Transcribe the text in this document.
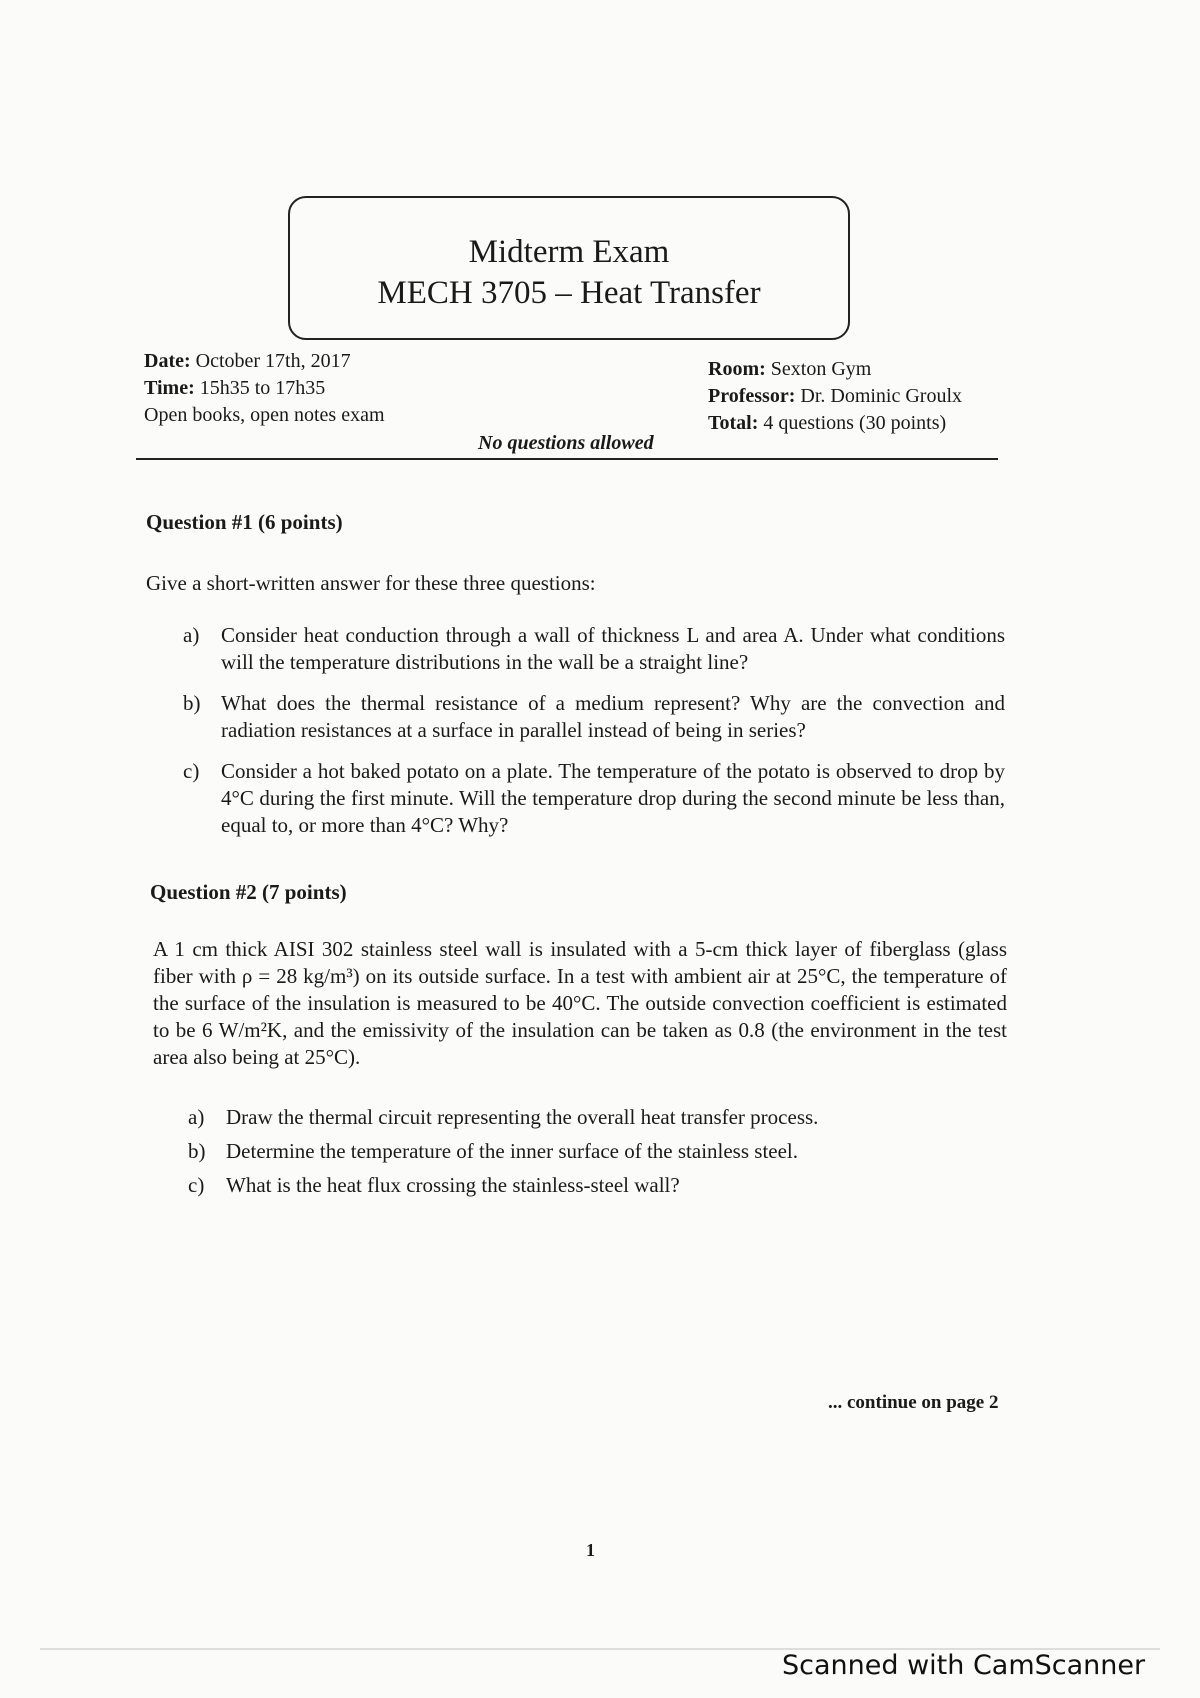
Midterm Exam
MECH 3705 – Heat Transfer
Date: October 17th, 2017
Time: 15h35 to 17h35
Open books, open notes exam
Room: Sexton Gym
Professor: Dr. Dominic Groulx
Total: 4 questions (30 points)
No questions allowed
Question #1 (6 points)
Give a short-written answer for these three questions:
a) Consider heat conduction through a wall of thickness L and area A. Under what conditions will the temperature distributions in the wall be a straight line?
b) What does the thermal resistance of a medium represent? Why are the convection and radiation resistances at a surface in parallel instead of being in series?
c) Consider a hot baked potato on a plate. The temperature of the potato is observed to drop by 4°C during the first minute. Will the temperature drop during the second minute be less than, equal to, or more than 4°C? Why?
Question #2 (7 points)
A 1 cm thick AISI 302 stainless steel wall is insulated with a 5-cm thick layer of fiberglass (glass fiber with ρ = 28 kg/m³) on its outside surface. In a test with ambient air at 25°C, the temperature of the surface of the insulation is measured to be 40°C. The outside convection coefficient is estimated to be 6 W/m²K, and the emissivity of the insulation can be taken as 0.8 (the environment in the test area also being at 25°C).
a) Draw the thermal circuit representing the overall heat transfer process.
b) Determine the temperature of the inner surface of the stainless steel.
c) What is the heat flux crossing the stainless-steel wall?
... continue on page 2
1
Scanned with CamScanner
